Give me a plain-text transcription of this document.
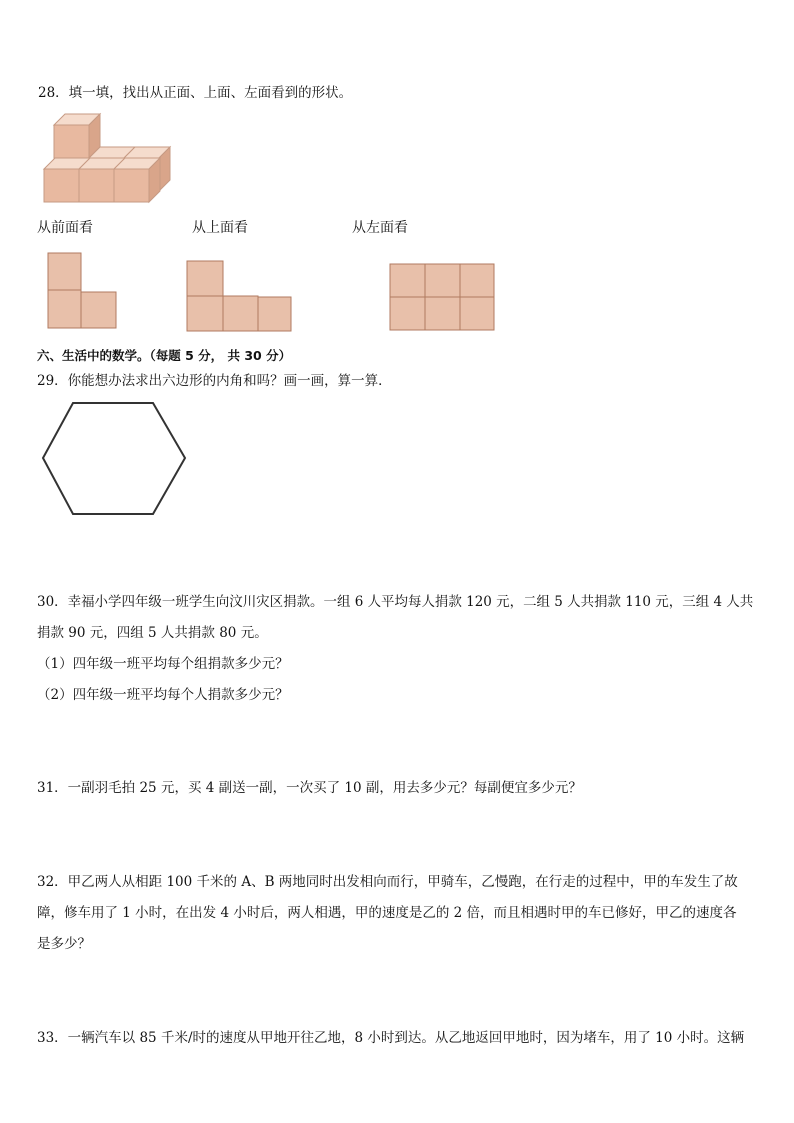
28．填一填，找出从正面、上面、左面看到的形状。
从前面看	从上面看	从左面看
六、生活中的数学。（每题 5 分， 共 30 分）
29．你能想办法求出六边形的内角和吗？画一画，算一算．
30．幸福小学四年级一班学生向汶川灾区捐款。一组 6 人平均每人捐款 120 元，二组 5 人共捐款 110 元，三组 4 人共
捐款 90 元，四组 5 人共捐款 80 元。
（1）四年级一班平均每个组捐款多少元？
（2）四年级一班平均每个人捐款多少元？
31．一副羽毛拍 25 元，买 4 副送一副，一次买了 10 副，用去多少元？每副便宜多少元？
32．甲乙两人从相距 100 千米的 A、B 两地同时出发相向而行，甲骑车，乙慢跑，在行走的过程中，甲的车发生了故
障，修车用了 1 小时，在出发 4 小时后，两人相遇，甲的速度是乙的 2 倍，而且相遇时甲的车已修好，甲乙的速度各
是多少？
33．一辆汽车以 85 千米/时的速度从甲地开往乙地，8 小时到达。从乙地返回甲地时，因为堵车，用了 10 小时。这辆
